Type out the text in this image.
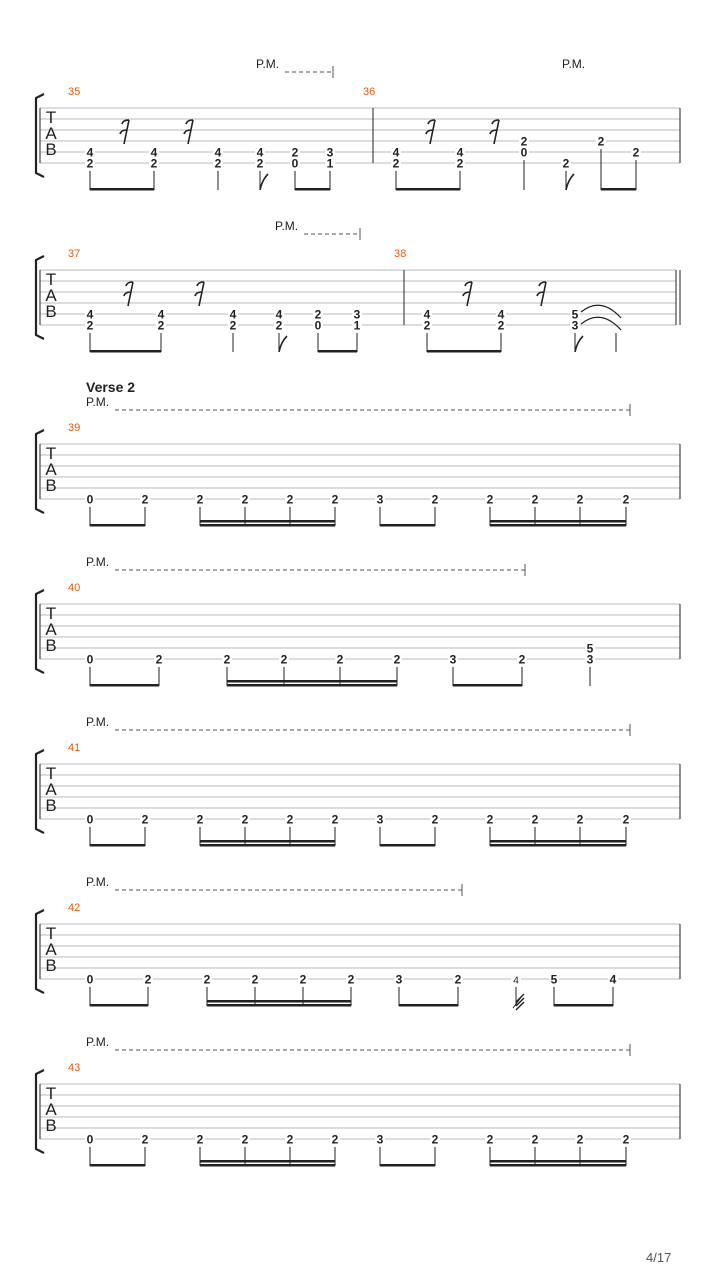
T
A
B
P.M.	P.M.
35
4
2
4
2
4
2
4
2
2
0
3
1
36
4
2
4
2
2
0
2
2
2
T
A
B
P.M.
37
4
2
4
2
4
2
4
2
2
0
3
1
38
4
2
4
2
5
3
T
A
B
Verse 2
P.M.
39
0	2	2	2	2	2	3	2	2	2	2	2
T
A
B
P.M.
40
0	2	2	2	2	2	3	2
5
3
T
A
B
P.M.
41
0	2	2	2	2	2	3	2	2	2	2	2
T
A
B
P.M.
42
0	2	2	2	2	2	3	2	4	5	4
T
A
B
P.M.
43
0	2	2	2	2	2	3	2	2	2	2	2
4/17
